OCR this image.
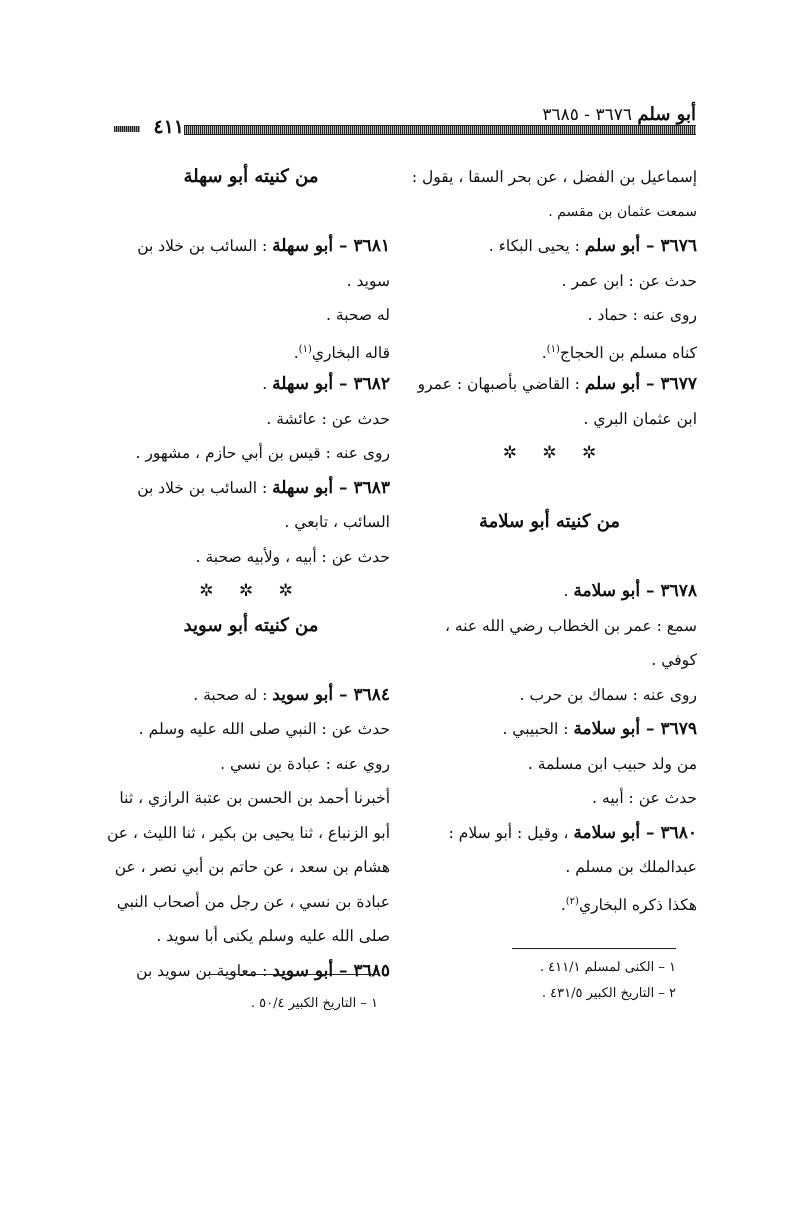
أبو سلم ٣٦٧٦ - ٣٦٨٥
٤١١
إسماعيل بن الفضل ، عن بحر السقا ، يقول :
سمعت عثمان بن مقسم .
٣٦٧٦ – أبو سلم : يحيى البكاء .
حدث عن : ابن عمر .
روى عنه : حماد .
كناه مسلم بن الحجاج$^{(١)}$.
٣٦٧٧ – أبو سلم : القاضي بأصبهان : عمرو
ابن عثمان البري .
✲ ✲ ✲
من كنيته أبو سلامة
٣٦٧٨ – أبو سلامة .
سمع : عمر بن الخطاب رضي الله عنه ،
كوفي .
روى عنه : سماك بن حرب .
٣٦٧٩ – أبو سلامة : الحبيبي .
من ولد حبيب ابن مسلمة .
حدث عن : أبيه .
٣٦٨٠ – أبو سلامة ، وقيل : أبو سلام :
عبدالملك بن مسلم .
هكذا ذكره البخاري$^{(٢)}$.
من كنيته أبو سهلة
٣٦٨١ – أبو سهلة : السائب بن خلاد بن
سويد .
له صحبة .
قاله البخاري$^{(١)}$.
٣٦٨٢ – أبو سهلة .
حدث عن : عائشة .
روى عنه : قيس بن أبي حازم ، مشهور .
٣٦٨٣ – أبو سهلة : السائب بن خلاد بن
السائب ، تابعي .
حدث عن : أبيه ، ولأبيه صحبة .
✲ ✲ ✲
من كنيته أبو سويد
٣٦٨٤ – أبو سويد : له صحبة .
حدث عن : النبي صلى الله عليه وسلم .
روي عنه : عبادة بن نسي .
أخبرنا أحمد بن الحسن بن عتبة الرازي ، ثنا
أبو الزنباع ، ثنا يحيى بن بكير ، ثنا الليث ، عن
هشام بن سعد ، عن حاتم بن أبي نصر ، عن
عبادة بن نسي ، عن رجل من أصحاب النبي
صلى الله عليه وسلم يكنى أبا سويد .
٣٦٨٥ – أبو سويد : معاوية بن سويد بن	١ – الكنى لمسلم ٤١١/١ .
٢ – التاريخ الكبير ٤٣١/٥ .
١ – التاريخ الكبير ٥٠/٤ .
